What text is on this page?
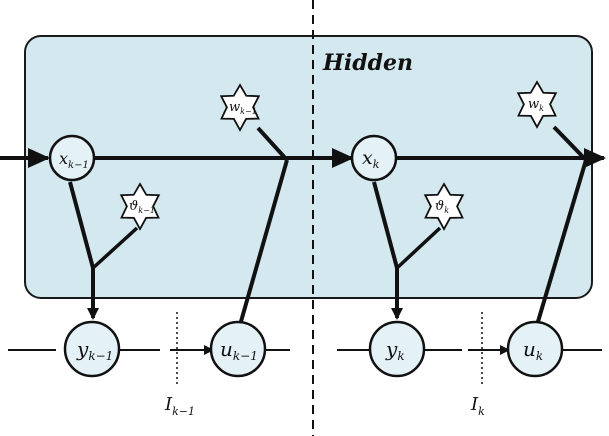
Hidden
$x_{k-1}$	$x_k$
$y_{k-1}$	$y_k$
$u_{k-1}$	$u_k$
$w_{k-1}$	$w_k$
$ϑ_{k-1}$	$ϑ_k$
$I_{k-1}$	$I_k$
